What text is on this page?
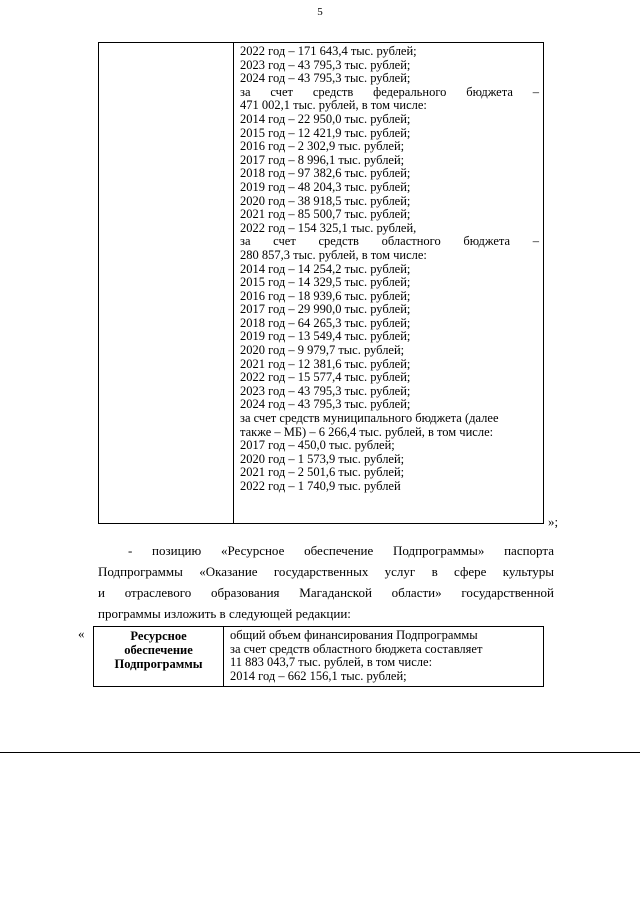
5
2022 год – 171 643,4 тыс. рублей;
2023 год – 43 795,3 тыс. рублей;
2024 год – 43 795,3 тыс. рублей;
за счет средств федерального бюджета –
471 002,1 тыс. рублей, в том числе:
2014 год – 22 950,0 тыс. рублей;
2015 год – 12 421,9 тыс. рублей;
2016 год – 2 302,9 тыс. рублей;
2017 год – 8 996,1 тыс. рублей;
2018 год – 97 382,6 тыс. рублей;
2019 год – 48 204,3 тыс. рублей;
2020 год – 38 918,5 тыс. рублей;
2021 год – 85 500,7 тыс. рублей;
2022 год – 154 325,1 тыс. рублей,
за счет средств областного бюджета –
280 857,3 тыс. рублей, в том числе:
2014 год – 14 254,2 тыс. рублей;
2015 год – 14 329,5 тыс. рублей;
2016 год – 18 939,6 тыс. рублей;
2017 год – 29 990,0 тыс. рублей;
2018 год – 64 265,3 тыс. рублей;
2019 год – 13 549,4 тыс. рублей;
2020 год – 9 979,7 тыс. рублей;
2021 год – 12 381,6 тыс. рублей;
2022 год – 15 577,4 тыс. рублей;
2023 год – 43 795,3 тыс. рублей;
2024 год – 43 795,3 тыс. рублей;
за счет средств муниципального бюджета (далее
также – МБ) – 6 266,4 тыс. рублей, в том числе:
2017 год – 450,0 тыс. рублей;
2020 год – 1 573,9 тыс. рублей;
2021 год – 2 501,6 тыс. рублей;
2022 год – 1 740,9 тыс. рублей
»;
- позицию «Ресурсное обеспечение Подпрограммы» паспорта
Подпрограммы «Оказание государственных услуг в сфере культуры
и отраслевого образования Магаданской области» государственной
программы изложить в следующей редакции:
«	Ресурсное
обеспечение
Подпрограммы
общий объем финансирования Подпрограммы
за счет средств областного бюджета составляет
11 883 043,7 тыс. рублей, в том числе:
2014 год – 662 156,1 тыс. рублей;
